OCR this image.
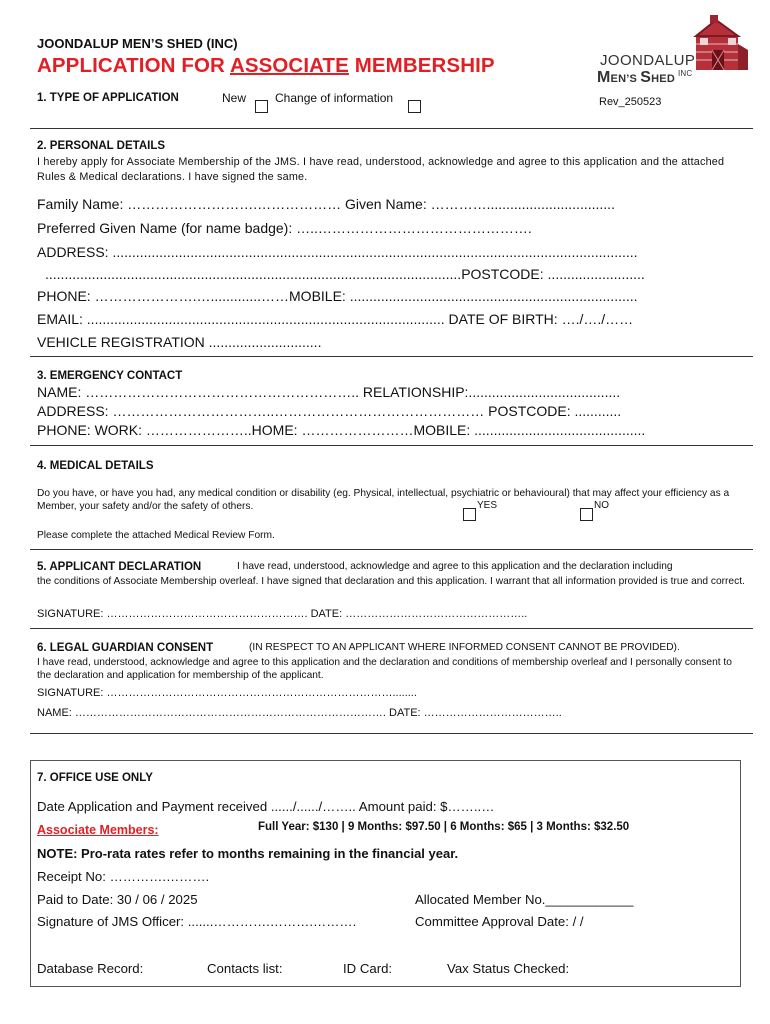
JOONDALUP MEN’S SHED (INC)
APPLICATION FOR ASSOCIATE MEMBERSHIP	JOONDALUP
MEN’S SHED $^{INC}$
Rev_250523
1. TYPE OF APPLICATION	New Change of information
2. PERSONAL DETAILS
I hereby apply for Associate Membership of the JMS. I have read, understood, acknowledge and agree to this application and the attached Rules & Medical declarations. I have signed the same.
Family Name: ……………………….……………… Given Name: ………….................................
Preferred Given Name (for name badge): …..……………………………………….
ADDRESS: .......................................................................................................................................
...........................................................................................................POSTCODE: .........................
PHONE: ………………….….............……MOBILE: ..........................................................................
EMAIL: ............................................................................................ DATE OF BIRTH: …./…./……
VEHICLE REGISTRATION .............................
3. EMERGENCY CONTACT
NAME: ………………………………………………….. RELATIONSHIP:.......................................
ADDRESS: ……………………………..……………………………………… POSTCODE: ............
PHONE: WORK: …………………..HOME: ……………………MOBILE: ............................................
4. MEDICAL DETAILS
Do you have, or have you had, any medical condition or disability (eg. Physical, intellectual, psychiatric or behavioural) that may affect your efficiency as a Member, your safety and/or the safety of others.	YES	NO
Please complete the attached Medical Review Form.
5. APPLICANT DECLARATION	I have read, understood, acknowledge and agree to this application and the declaration including
the conditions of Associate Membership overleaf. I have signed that declaration and this application. I warrant that all information provided is true and correct.
SIGNATURE: ………………………………………………. DATE: …………………………………………..
6. LEGAL GUARDIAN CONSENT	(IN RESPECT TO AN APPLICANT WHERE INFORMED CONSENT CANNOT BE PROVIDED).
I have read, understood, acknowledge and agree to this application and the declaration and conditions of membership overleaf and I personally consent to the declaration and application for membership of the applicant.
SIGNATURE: ……………………………………………………………………........
NAME: …………………………………………………………………………. DATE: ………………………………..
7. OFFICE USE ONLY
Date Application and Payment received ....../....../…….. Amount paid: $……..…
Associate Members:	Full Year: $130 | 9 Months: $97.50 | 6 Months: $65 | 3 Months: $32.50
NOTE: Pro-rata rates refer to months remaining in the financial year.
Receipt No: ………….……….
Paid to Date: 30 / 06 / 2025	Allocated Member No.____________
Signature of JMS Officer: .......………….……….……….	Committee Approval Date: / /
Database Record:	Contacts list:	ID Card:	Vax Status Checked:
